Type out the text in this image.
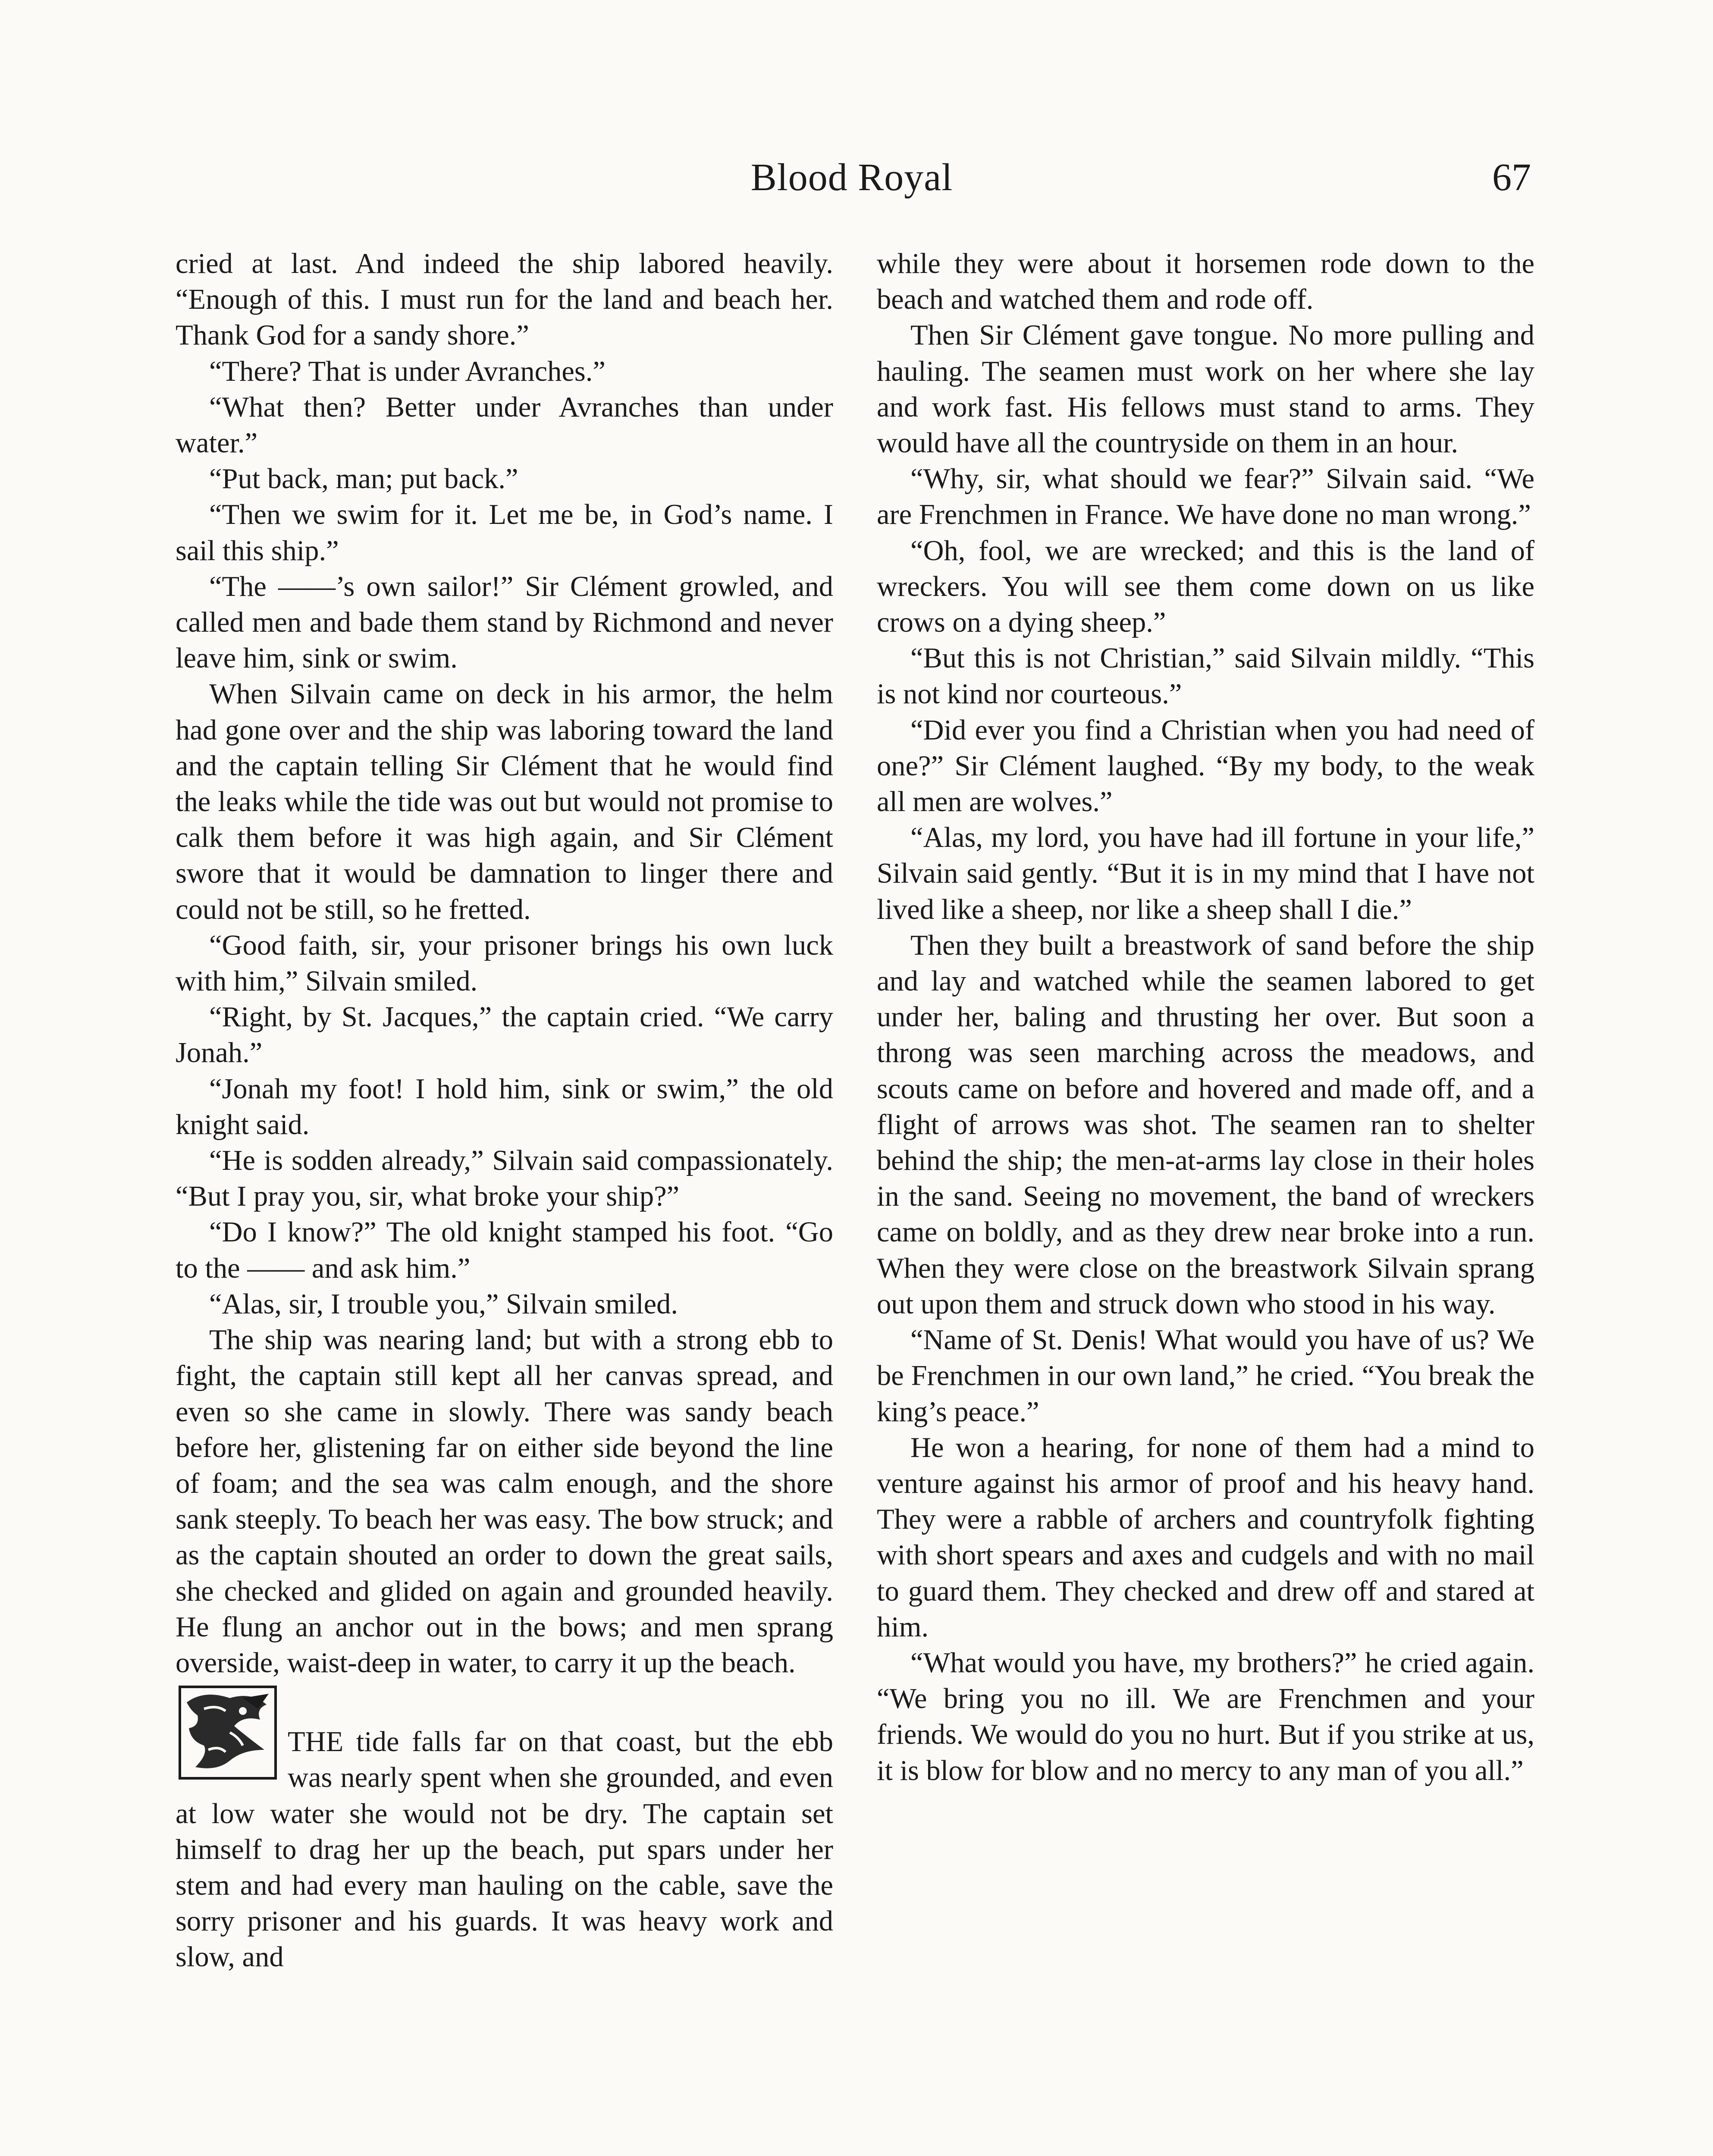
Blood Royal	67

cried at last. And indeed the ship labored heavily. “Enough of this. I must run for the land and beach her. Thank God for a sandy shore.”

“There? That is under Avranches.”

“What then? Better under Avranches than under water.”

“Put back, man; put back.”

“Then we swim for it. Let me be, in God’s name. I sail this ship.”

“The ——’s own sailor!” Sir Clément growled, and called men and bade them stand by Richmond and never leave him, sink or swim.

When Silvain came on deck in his armor, the helm had gone over and the ship was laboring toward the land and the captain telling Sir Clément that he would find the leaks while the tide was out but would not promise to calk them before it was high again, and Sir Clément swore that it would be damnation to linger there and could not be still, so he fretted.

“Good faith, sir, your prisoner brings his own luck with him,” Silvain smiled.

“Right, by St. Jacques,” the captain cried. “We carry Jonah.”

“Jonah my foot! I hold him, sink or swim,” the old knight said.

“He is sodden already,” Silvain said compassionately. “But I pray you, sir, what broke your ship?”

“Do I know?” The old knight stamped his foot. “Go to the —— and ask him.”

“Alas, sir, I trouble you,” Silvain smiled.

The ship was nearing land; but with a strong ebb to fight, the captain still kept all her canvas spread, and even so she came in slowly. There was sandy beach before her, glistening far on either side beyond the line of foam; and the sea was calm enough, and the shore sank steeply. To beach her was easy. The bow struck; and as the captain shouted an order to down the great sails, she checked and glided on again and grounded heavily. He flung an anchor out in the bows; and men sprang overside, waist-deep in water, to carry it up the beach.

THE tide falls far on that coast, but the ebb was nearly spent when she grounded, and even at low water she would not be dry. The captain set himself to drag her up the beach, put spars under her stem and had every man hauling on the cable, save the sorry prisoner and his guards. It was heavy work and slow, and

while they were about it horsemen rode down to the beach and watched them and rode off.

Then Sir Clément gave tongue. No more pulling and hauling. The seamen must work on her where she lay and work fast. His fellows must stand to arms. They would have all the countryside on them in an hour.

“Why, sir, what should we fear?” Silvain said. “We are Frenchmen in France. We have done no man wrong.”

“Oh, fool, we are wrecked; and this is the land of wreckers. You will see them come down on us like crows on a dying sheep.”

“But this is not Christian,” said Silvain mildly. “This is not kind nor courteous.”

“Did ever you find a Christian when you had need of one?” Sir Clément laughed. “By my body, to the weak all men are wolves.”

“Alas, my lord, you have had ill fortune in your life,” Silvain said gently. “But it is in my mind that I have not lived like a sheep, nor like a sheep shall I die.”

Then they built a breastwork of sand before the ship and lay and watched while the seamen labored to get under her, baling and thrusting her over. But soon a throng was seen marching across the meadows, and scouts came on before and hovered and made off, and a flight of arrows was shot. The seamen ran to shelter behind the ship; the men-at-arms lay close in their holes in the sand. Seeing no movement, the band of wreckers came on boldly, and as they drew near broke into a run. When they were close on the breastwork Silvain sprang out upon them and struck down who stood in his way.

“Name of St. Denis! What would you have of us? We be Frenchmen in our own land,” he cried. “You break the king’s peace.”

He won a hearing, for none of them had a mind to venture against his armor of proof and his heavy hand. They were a rabble of archers and countryfolk fighting with short spears and axes and cudgels and with no mail to guard them. They checked and drew off and stared at him.

“What would you have, my brothers?” he cried again. “We bring you no ill. We are Frenchmen and your friends. We would do you no hurt. But if you strike at us, it is blow for blow and no mercy to any man of you all.”
